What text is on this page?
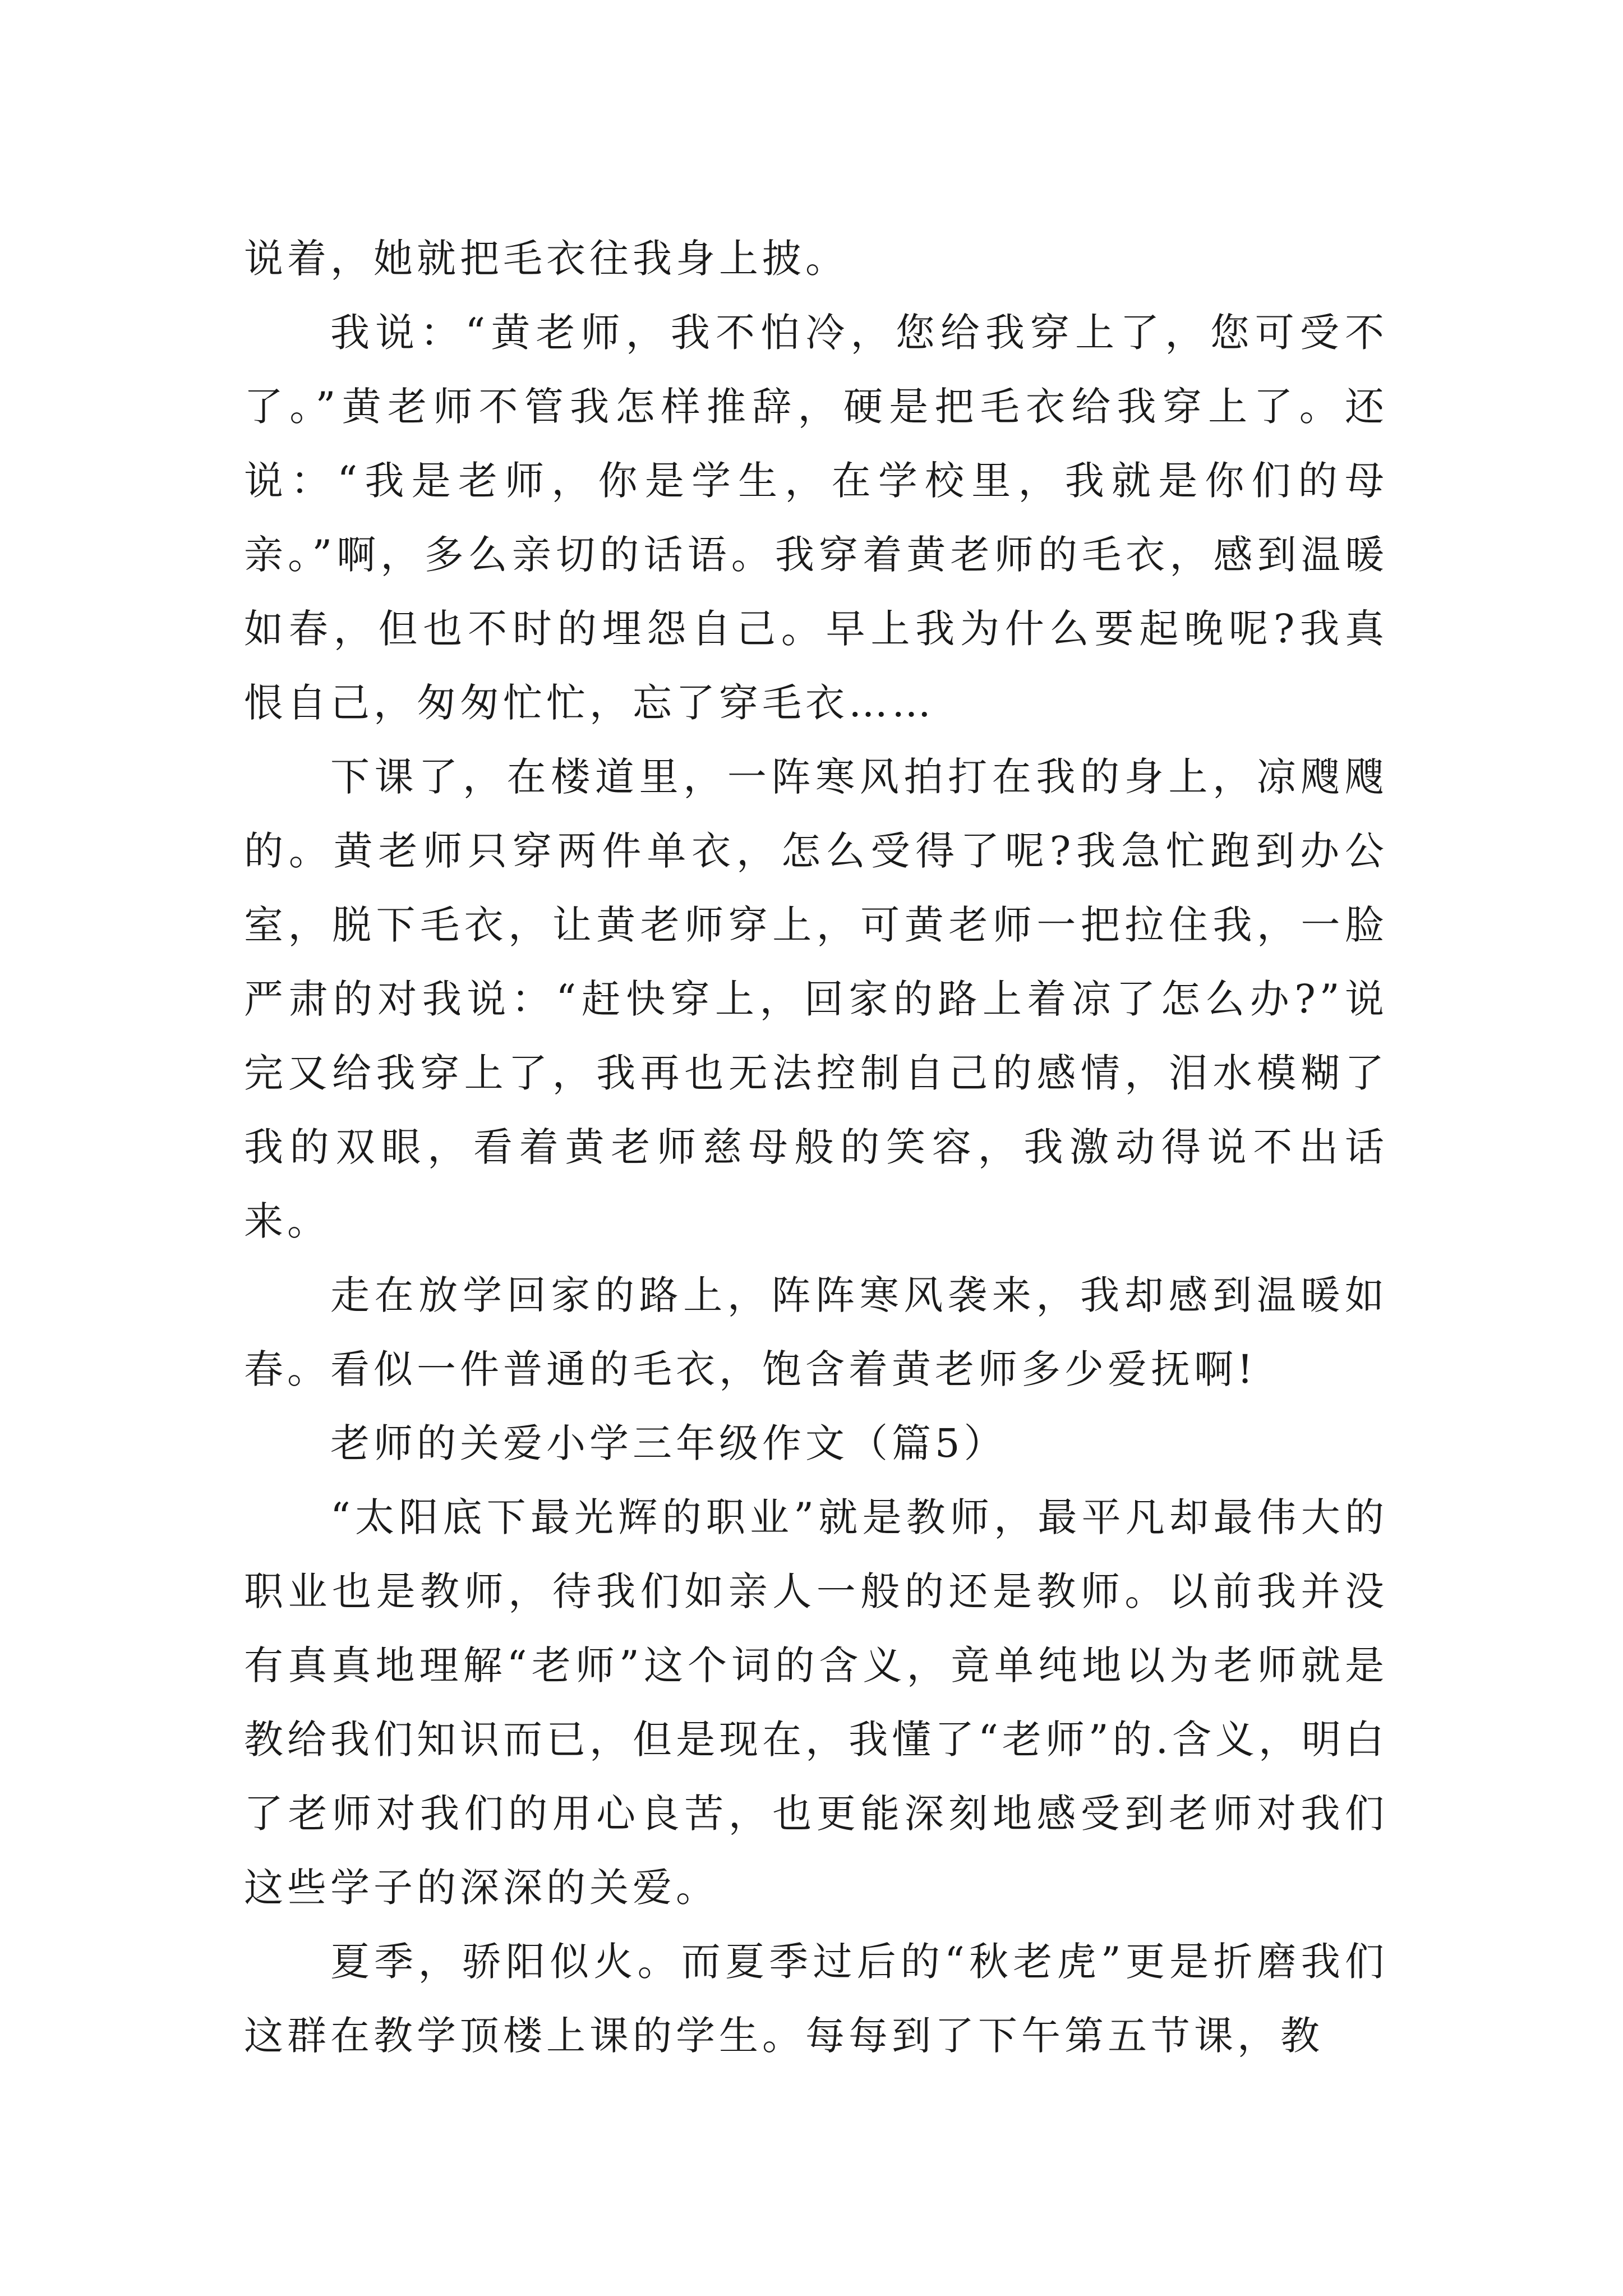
说着，她就把毛衣往我身上披。

我说：“黄老师，我不怕冷，您给我穿上了，您可受不了。”黄老师不管我怎样推辞，硬是把毛衣给我穿上了。还说：“我是老师，你是学生，在学校里，我就是你们的母亲。”啊，多么亲切的话语。我穿着黄老师的毛衣，感到温暖如春，但也不时的埋怨自己。早上我为什么要起晚呢?我真恨自己，匆匆忙忙，忘了穿毛衣……

下课了，在楼道里，一阵寒风拍打在我的身上，凉飕飕的。黄老师只穿两件单衣，怎么受得了呢?我急忙跑到办公室，脱下毛衣，让黄老师穿上，可黄老师一把拉住我，一脸严肃的对我说：“赶快穿上，回家的路上着凉了怎么办?”说完又给我穿上了，我再也无法控制自己的感情，泪水模糊了我的双眼，看着黄老师慈母般的笑容，我激动得说不出话来。

走在放学回家的路上，阵阵寒风袭来，我却感到温暖如春。看似一件普通的毛衣，饱含着黄老师多少爱抚啊!

老师的关爱小学三年级作文（篇5）

“太阳底下最光辉的职业”就是教师，最平凡却最伟大的职业也是教师，待我们如亲人一般的还是教师。以前我并没有真真地理解“老师”这个词的含义，竟单纯地以为老师就是教给我们知识而已，但是现在，我懂了“老师”的.含义，明白了老师对我们的用心良苦，也更能深刻地感受到老师对我们这些学子的深深的关爱。

夏季，骄阳似火。而夏季过后的“秋老虎”更是折磨我们这群在教学顶楼上课的学生。每每到了下午第五节课，教
